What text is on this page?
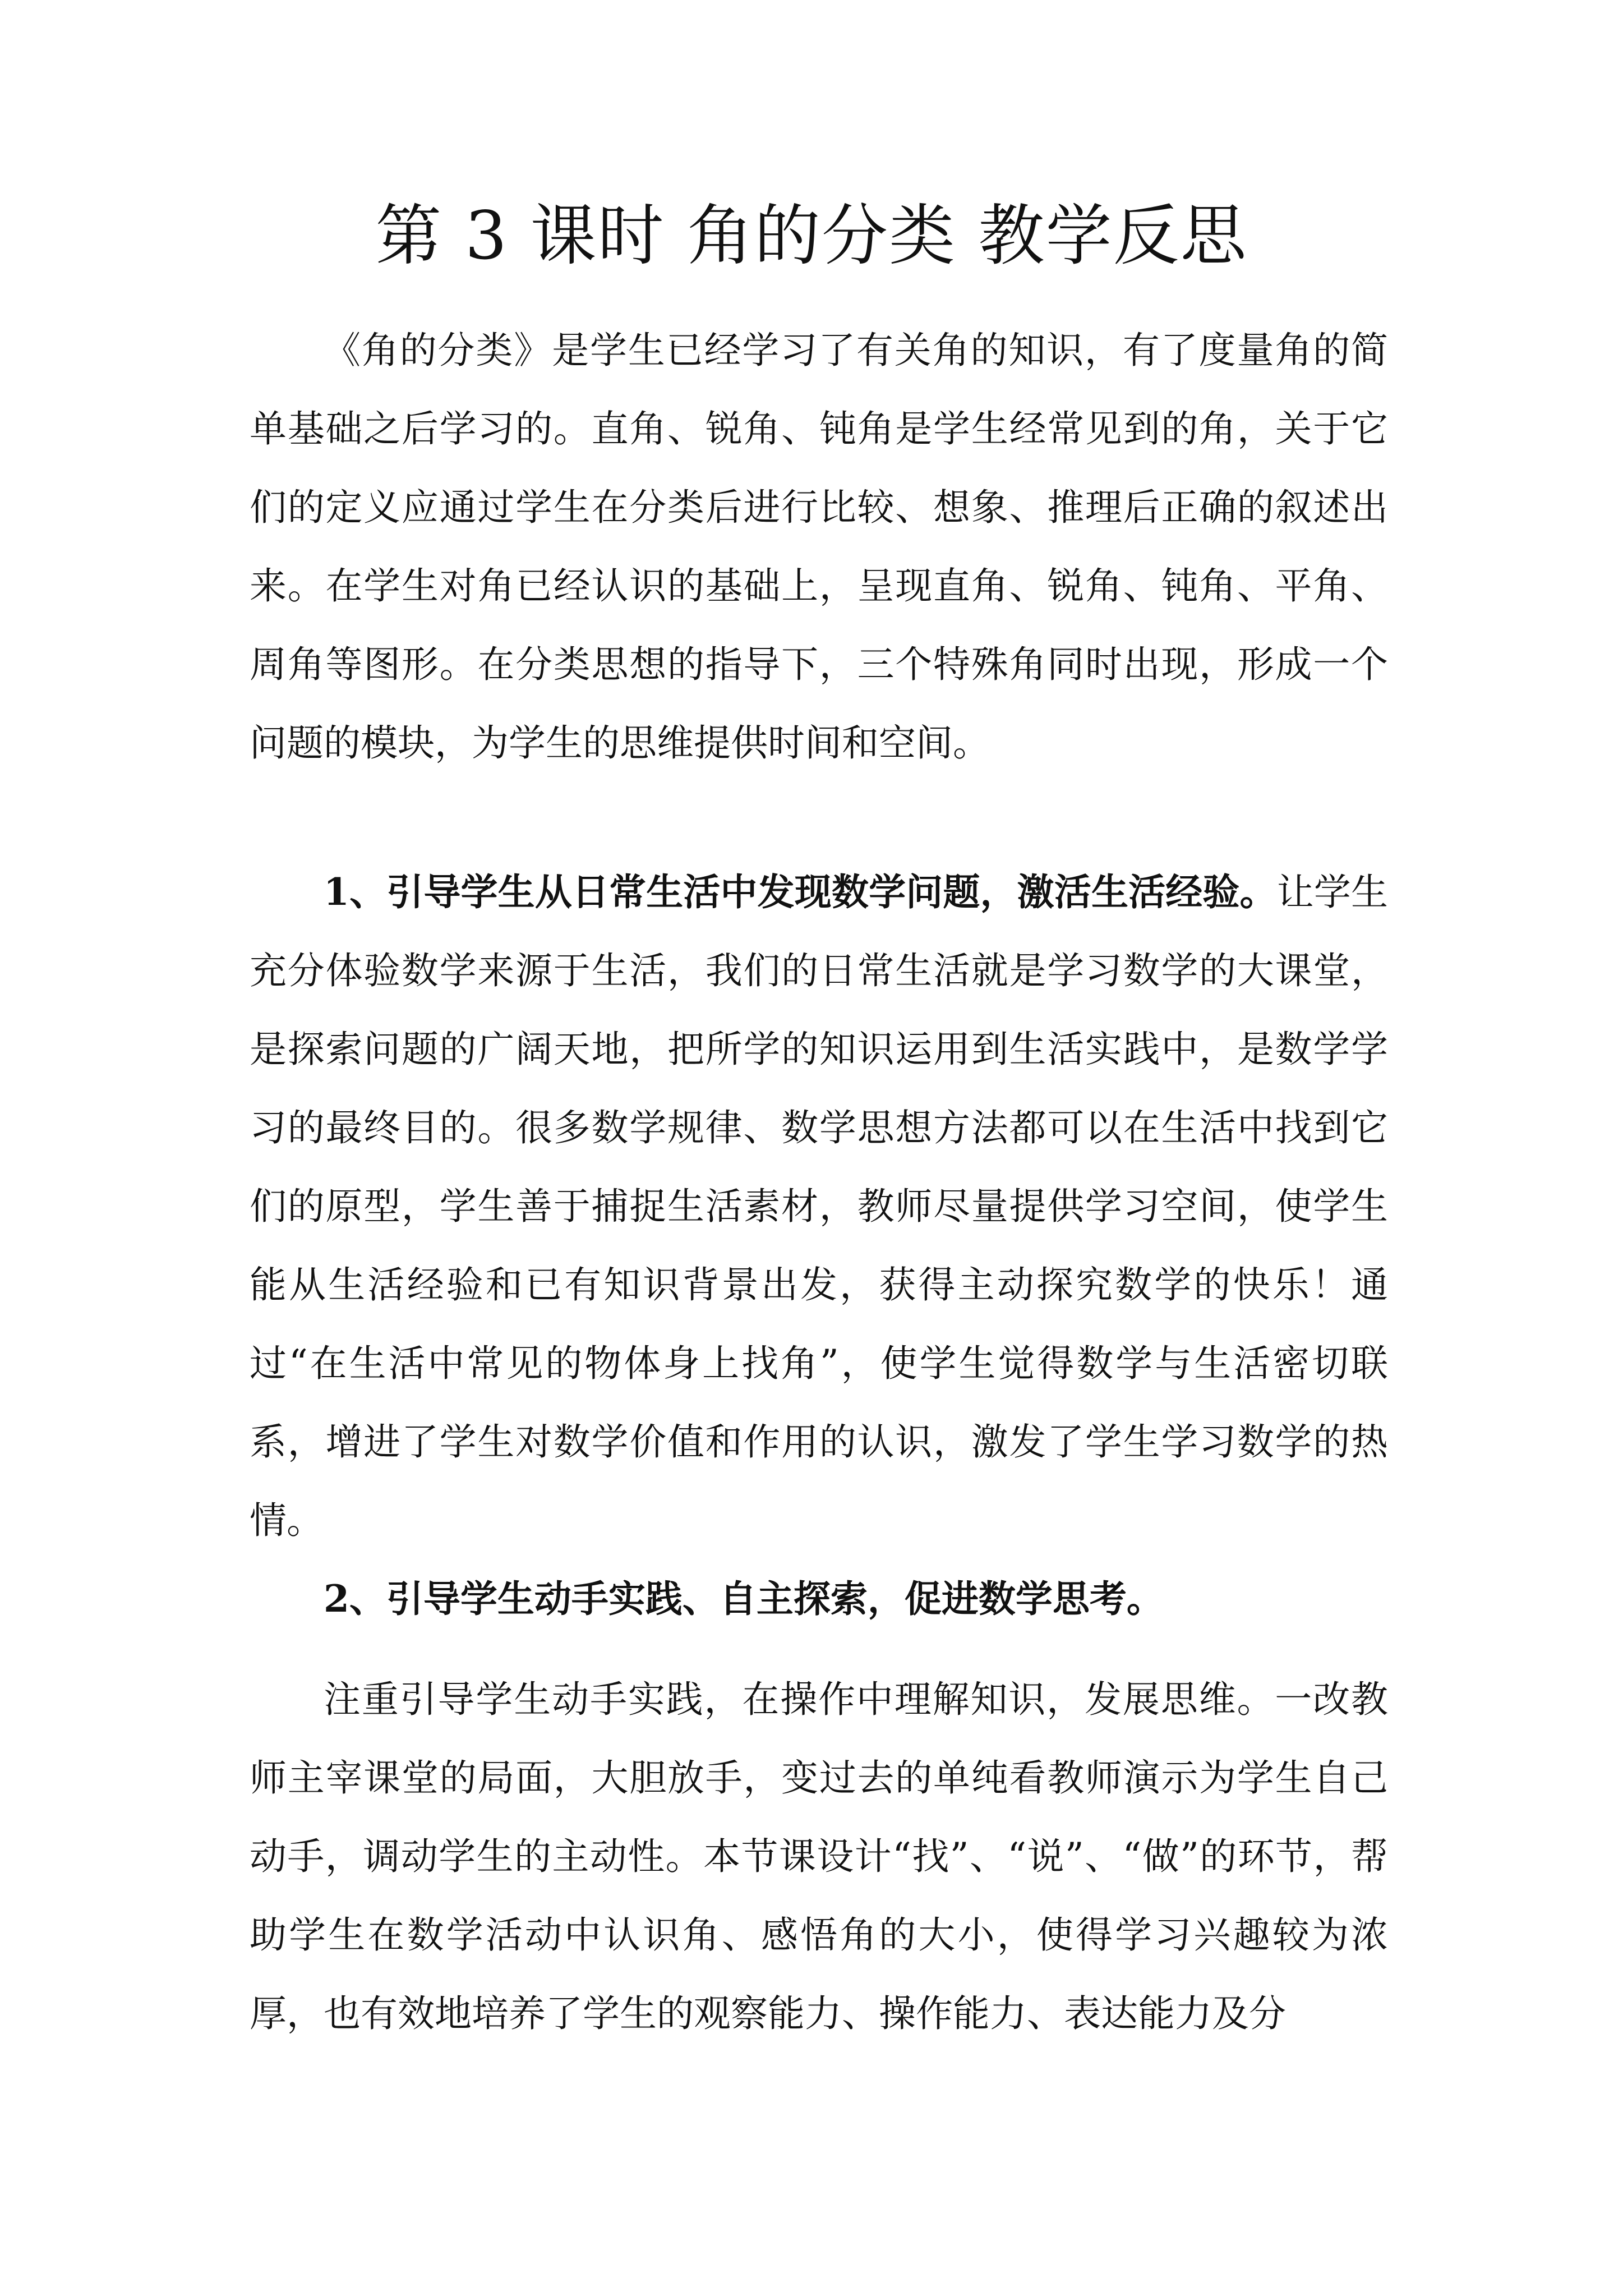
第 3 课时 角的分类 教学反思

《角的分类》是学生已经学习了有关角的知识，有了度量角的简单基础之后学习的。直角、锐角、钝角是学生经常见到的角，关于它们的定义应通过学生在分类后进行比较、想象、推理后正确的叙述出来。在学生对角已经认识的基础上，呈现直角、锐角、钝角、平角、周角等图形。在分类思想的指导下，三个特殊角同时出现，形成一个问题的模块，为学生的思维提供时间和空间。

1、引导学生从日常生活中发现数学问题，激活生活经验。让学生充分体验数学来源于生活，我们的日常生活就是学习数学的大课堂，是探索问题的广阔天地，把所学的知识运用到生活实践中，是数学学习的最终目的。很多数学规律、数学思想方法都可以在生活中找到它们的原型，学生善于捕捉生活素材，教师尽量提供学习空间，使学生能从生活经验和已有知识背景出发，获得主动探究数学的快乐！通过“在生活中常见的物体身上找角”，使学生觉得数学与生活密切联系，增进了学生对数学价值和作用的认识，激发了学生学习数学的热情。

2、引导学生动手实践、自主探索，促进数学思考。

注重引导学生动手实践，在操作中理解知识，发展思维。一改教师主宰课堂的局面，大胆放手，变过去的单纯看教师演示为学生自己动手，调动学生的主动性。本节课设计“找”、“说”、“做”的环节，帮助学生在数学活动中认识角、感悟角的大小，使得学习兴趣较为浓厚，也有效地培养了学生的观察能力、操作能力、表达能力及分
